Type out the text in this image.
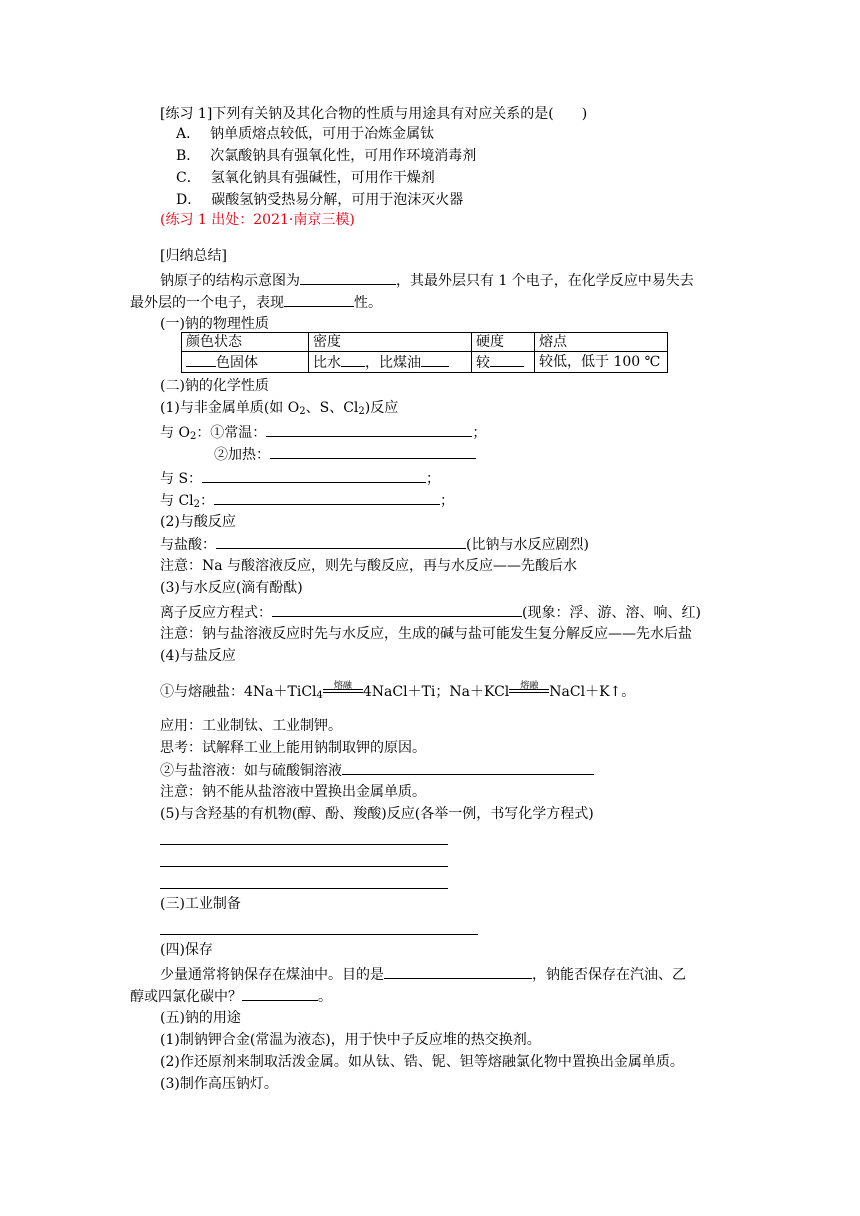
[练习 1]下列有关钠及其化合物的性质与用途具有对应关系的是(　　)
A． 钠单质熔点较低，可用于冶炼金属钛
B． 次氯酸钠具有强氧化性，可用作环境消毒剂
C． 氢氧化钠具有强碱性，可用作干燥剂
D． 碳酸氢钠受热易分解，可用于泡沫灭火器
(练习 1 出处：2021·南京三模)
[归纳总结]
钠原子的结构示意图为	，其最外层只有 1 个电子，在化学反应中易失去
最外层的一个电子，表现	性。
(一)钠的物理性质
颜色状态	密度	硬度	熔点
色固体	比水 ，比煤油	较	较低，低于 100 ℃
(二)钠的化学性质
(1)与非金属单质(如 $O_2$、S、$Cl_2$)反应
与 $O_2$：①常温：	；
②加热：
与 S：	；
与 $Cl_2$：	；
(2)与酸反应
与盐酸：	(比钠与水反应剧烈)
注意：Na 与酸溶液反应，则先与酸反应，再与水反应——先酸后水
(3)与水反应(滴有酚酞)
离子反应方程式：	(现象：浮、游、溶、响、红)
注意：钠与盐溶液反应时先与水反应，生成的碱与盐可能发生复分解反应——先水后盐
(4)与盐反应
①与熔融盐：4Na＋TiCl$_4$
熔融 4NaCl＋Ti；Na＋KCl	熔融 NaCl＋K↑。
应用：工业制钛、工业制钾。
思考：试解释工业上能用钠制取钾的原因。
②与盐溶液：如与硫酸铜溶液
注意：钠不能从盐溶液中置换出金属单质。
(5)与含羟基的有机物(醇、酚、羧酸)反应(各举一例，书写化学方程式)
(三)工业制备
(四)保存
少量通常将钠保存在煤油中。目的是	，钠能否保存在汽油、乙
醇或四氯化碳中？	。
(五)钠的用途
(1)制钠钾合金(常温为液态)，用于快中子反应堆的热交换剂。
(2)作还原剂来制取活泼金属。如从钛、锆、铌、钽等熔融氯化物中置换出金属单质。
(3)制作高压钠灯。
